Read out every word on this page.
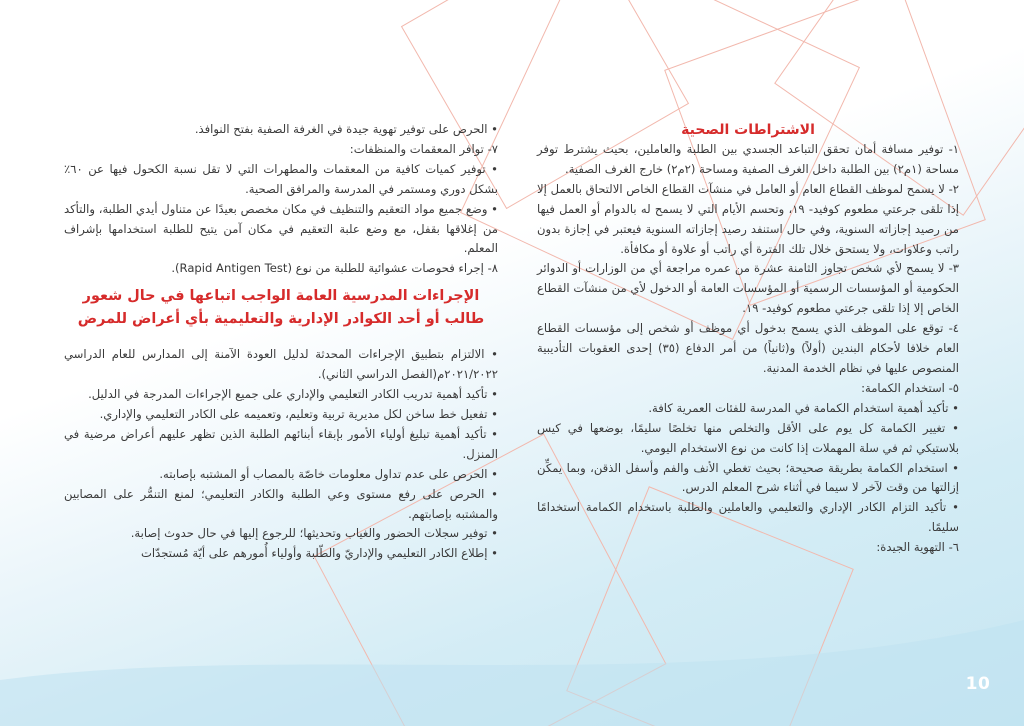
الاشتراطات الصحية

١- توفير مسافة أمان تحقق التباعد الجسدي بين الطلبة والعاملين، بحيث يشترط توفر مساحة (١م٢) بين الطلبة داخل الغرف الصفية ومساحة (٢م٢) خارج الغرف الصفية.

٢- لا يسمح لموظف القطاع العام أو العامل في منشآت القطاع الخاص الالتحاق بالعمل إلا إذا تلقى جرعتي مطعوم كوفيد- ١٩، وتحسم الأيام التي لا يسمح له بالدوام أو العمل فيها من رصيد إجازاته السنوية، وفي حال استنفد رصيد إجازاته السنوية فيعتبر في إجازة بدون راتب وعلاوات، ولا يستحق خلال تلك الفترة أي راتب أو علاوة أو مكافأة.

٣- لا يسمح لأي شخص تجاوز الثامنة عشرة من عمره مراجعة أي من الوزارات أو الدوائر الحكومية أو المؤسسات الرسمية أو المؤسسات العامة أو الدخول لأي من منشآت القطاع الخاص إلا إذا تلقى جرعتي مطعوم كوفيد- ١٩.

٤- توقع على الموظف الذي يسمح بدخول أي موظف أو شخص إلى مؤسسات القطاع العام خلافا لأحكام البندين (أولاً) و(ثانياً) من أمر الدفاع (٣٥) إحدى العقوبات التأديبية المنصوص عليها في نظام الخدمة المدنية.

٥- استخدام الكمامة:

• تأكيد أهمية استخدام الكمامة في المدرسة للفئات العمرية كافة.

• تغيير الكمامة كل يوم على الأقل والتخلص منها تخلصًا سليمًا، بوضعها في كيس بلاستيكي ثم في سلة المهملات إذا كانت من نوع الاستخدام اليومي.

• استخدام الكمامة بطريقة صحيحة؛ بحيث تغطي الأنف والفم وأسفل الذقن، وبما يمكِّن إزالتها من وقت لآخر لا سيما في أثناء شرح المعلم الدرس.

• تأكيد التزام الكادر الإداري والتعليمي والعاملين والطلبة باستخدام الكمامة استخدامًا سليمًا.

٦- التهوية الجيدة:

• الحرص على توفير تهوية جيدة في الغرفة الصفية بفتح النوافذ.

٧- توافر المعقمات والمنظفات:

• توفير كميات كافية من المعقمات والمطهرات التي لا تقل نسبة الكحول فيها عن ٦٠٪ بشكل دوري ومستمر في المدرسة والمرافق الصحية.

• وضع جميع مواد التعقيم والتنظيف في مكان مخصص بعيدًا عن متناول أيدي الطلبة، والتأكد من إغلاقها بقفل، مع وضع علبة التعقيم في مكان آمن يتيح للطلبة استخدامها بإشراف المعلم.

٨- إجراء فحوصات عشوائية للطلبة من نوع (Rapid Antigen Test).

الإجراءات المدرسية العامة الواجب اتباعها في حال شعور
طالب أو أحد الكوادر الإدارية والتعليمية بأي أعراض للمرض

• الالتزام بتطبيق الإجراءات المحدثة لدليل العودة الآمنة إلى المدارس للعام الدراسي ٢٠٢١/٢٠٢٢م(الفصل الدراسي الثاني).

• تأكيد أهمية تدريب الكادر التعليمي والإداري على جميع الإجراءات المدرجة في الدليل.

• تفعيل خط ساخن لكل مديرية تربية وتعليم، وتعميمه على الكادر التعليمي والإداري.

• تأكيد أهمية تبليغ أولياء الأمور بإبقاء أبنائهم الطلبة الذين تظهر عليهم أعراض مرضية في المنزل.

• الحرص على عدم تداول معلومات خاصّة بالمصاب أو المشتبه بإصابته.

• الحرص على رفع مستوى وعي الطلبة والكادر التعليمي؛ لمنع التنمُّر على المصابين والمشتبه بإصابتهم.

• توفير سجلات الحضور والغياب وتحديثها؛ للرجوع إليها في حال حدوث إصابة.

• إطلاع الكادر التعليمي والإداريّ والطّلبة وأولياء أُمورهم على أيّة مُستجدّات

10
